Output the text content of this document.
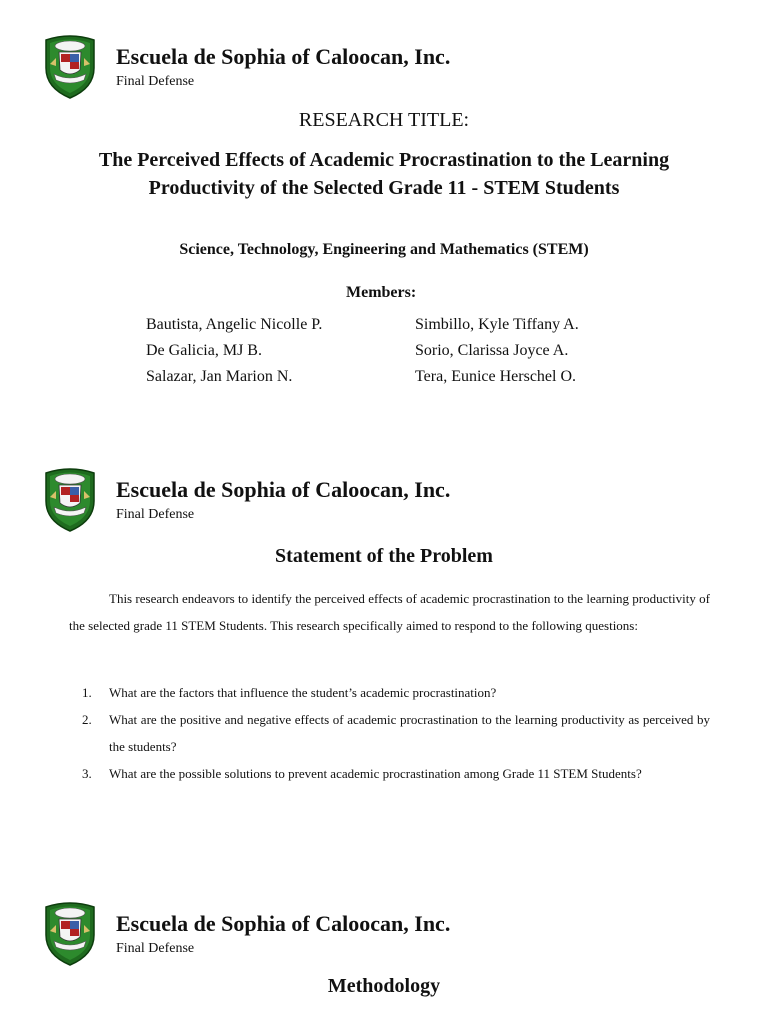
Escuela de Sophia of Caloocan, Inc.
Final Defense
RESEARCH TITLE:
The Perceived Effects of Academic Procrastination to the Learning Productivity of the Selected Grade 11 - STEM Students
Science, Technology, Engineering and Mathematics (STEM)
Members:
Bautista, Angelic Nicolle P.
De Galicia, MJ B.
Salazar, Jan Marion N.
Simbillo, Kyle Tiffany A.
Sorio, Clarissa Joyce A.
Tera, Eunice Herschel O.
Escuela de Sophia of Caloocan, Inc.
Final Defense
Statement of the Problem

This research endeavors to identify the perceived effects of academic procrastination to the learning productivity of the selected grade 11 STEM Students. This research specifically aimed to respond to the following questions:

1. What are the factors that influence the student’s academic procrastination?
2. What are the positive and negative effects of academic procrastination to the learning productivity as perceived by the students?
3. What are the possible solutions to prevent academic procrastination among Grade 11 STEM Students?
Escuela de Sophia of Caloocan, Inc.
Final Defense
Methodology
